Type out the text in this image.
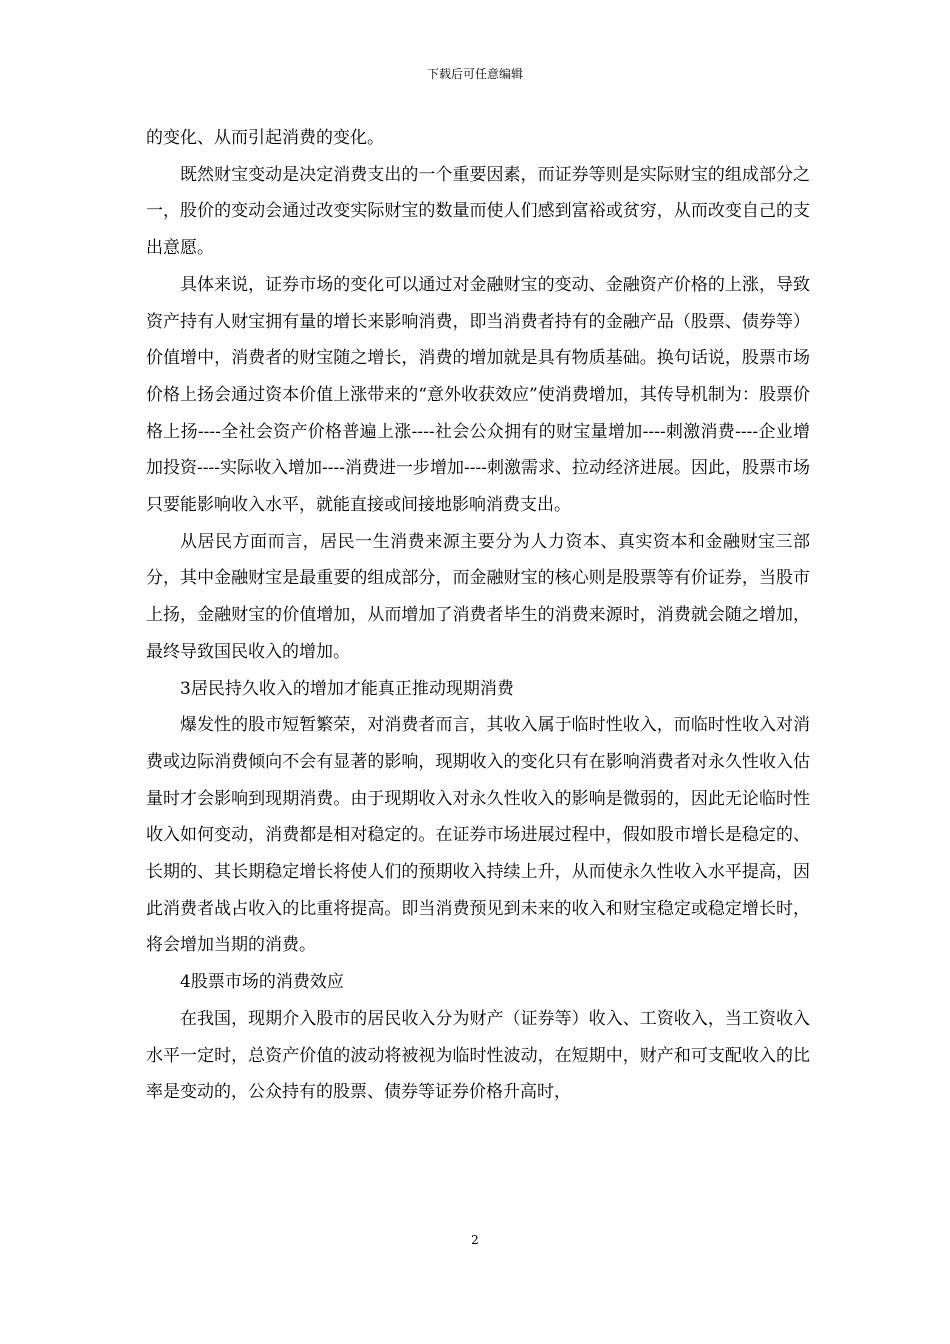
下载后可任意编辑

的变化、从而引起消费的变化。

既然财宝变动是决定消费支出的一个重要因素，而证券等则是实际财宝的组成部分之一，股价的变动会通过改变实际财宝的数量而使人们感到富裕或贫穷，从而改变自己的支出意愿。

具体来说，证券市场的变化可以通过对金融财宝的变动、金融资产价格的上涨，导致资产持有人财宝拥有量的增长来影响消费，即当消费者持有的金融产品（股票、债券等）价值增中，消费者的财宝随之增长，消费的增加就是具有物质基础。换句话说，股票市场价格上扬会通过资本价值上涨带来的“意外收获效应”使消费增加，其传导机制为：股票价格上扬----全社会资产价格普遍上涨----社会公众拥有的财宝量增加----刺激消费----企业增加投资----实际收入增加----消费进一步增加----刺激需求、拉动经济进展。因此，股票市场只要能影响收入水平，就能直接或间接地影响消费支出。

从居民方面而言，居民一生消费来源主要分为人力资本、真实资本和金融财宝三部分，其中金融财宝是最重要的组成部分，而金融财宝的核心则是股票等有价证券，当股市上扬，金融财宝的价值增加，从而增加了消费者毕生的消费来源时，消费就会随之增加，最终导致国民收入的增加。

3居民持久收入的增加才能真正推动现期消费

爆发性的股市短暂繁荣，对消费者而言，其收入属于临时性收入，而临时性收入对消费或边际消费倾向不会有显著的影响，现期收入的变化只有在影响消费者对永久性收入估量时才会影响到现期消费。由于现期收入对永久性收入的影响是微弱的，因此无论临时性收入如何变动，消费都是相对稳定的。在证券市场进展过程中，假如股市增长是稳定的、长期的、其长期稳定增长将使人们的预期收入持续上升，从而使永久性收入水平提高，因此消费者战占收入的比重将提高。即当消费预见到未来的收入和财宝稳定或稳定增长时，将会增加当期的消费。

4股票市场的消费效应

在我国，现期介入股市的居民收入分为财产（证券等）收入、工资收入，当工资收入水平一定时，总资产价值的波动将被视为临时性波动，在短期中，财产和可支配收入的比率是变动的，公众持有的股票、债券等证券价格升高时，

2
